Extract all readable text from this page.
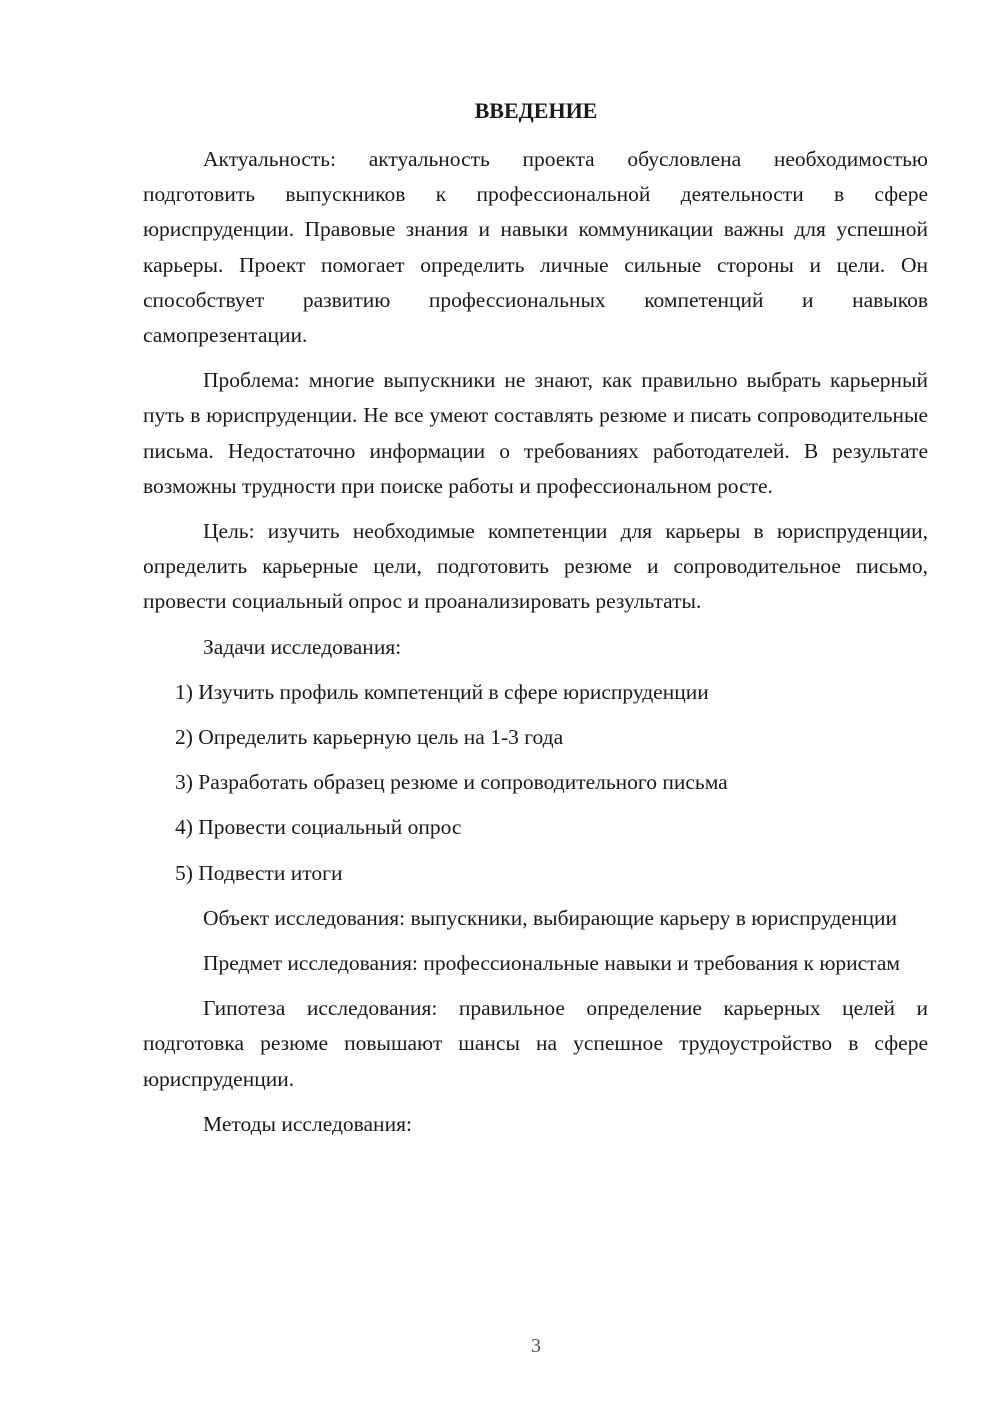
ВВЕДЕНИЕ

Актуальность: актуальность проекта обусловлена необходимостью подготовить выпускников к профессиональной деятельности в сфере юриспруденции. Правовые знания и навыки коммуникации важны для успешной карьеры. Проект помогает определить личные сильные стороны и цели. Он способствует развитию профессиональных компетенций и навыков самопрезентации.

Проблема: многие выпускники не знают, как правильно выбрать карьерный путь в юриспруденции. Не все умеют составлять резюме и писать сопроводительные письма. Недостаточно информации о требованиях работодателей. В результате возможны трудности при поиске работы и профессиональном росте.

Цель: изучить необходимые компетенции для карьеры в юриспруденции, определить карьерные цели, подготовить резюме и сопроводительное письмо, провести социальный опрос и проанализировать результаты.

Задачи исследования:

1) Изучить профиль компетенций в сфере юриспруденции

2) Определить карьерную цель на 1-3 года

3) Разработать образец резюме и сопроводительного письма

4) Провести социальный опрос

5) Подвести итоги

Объект исследования: выпускники, выбирающие карьеру в юриспруденции

Предмет исследования: профессиональные навыки и требования к юристам

Гипотеза исследования: правильное определение карьерных целей и подготовка резюме повышают шансы на успешное трудоустройство в сфере юриспруденции.

Методы исследования:

3
